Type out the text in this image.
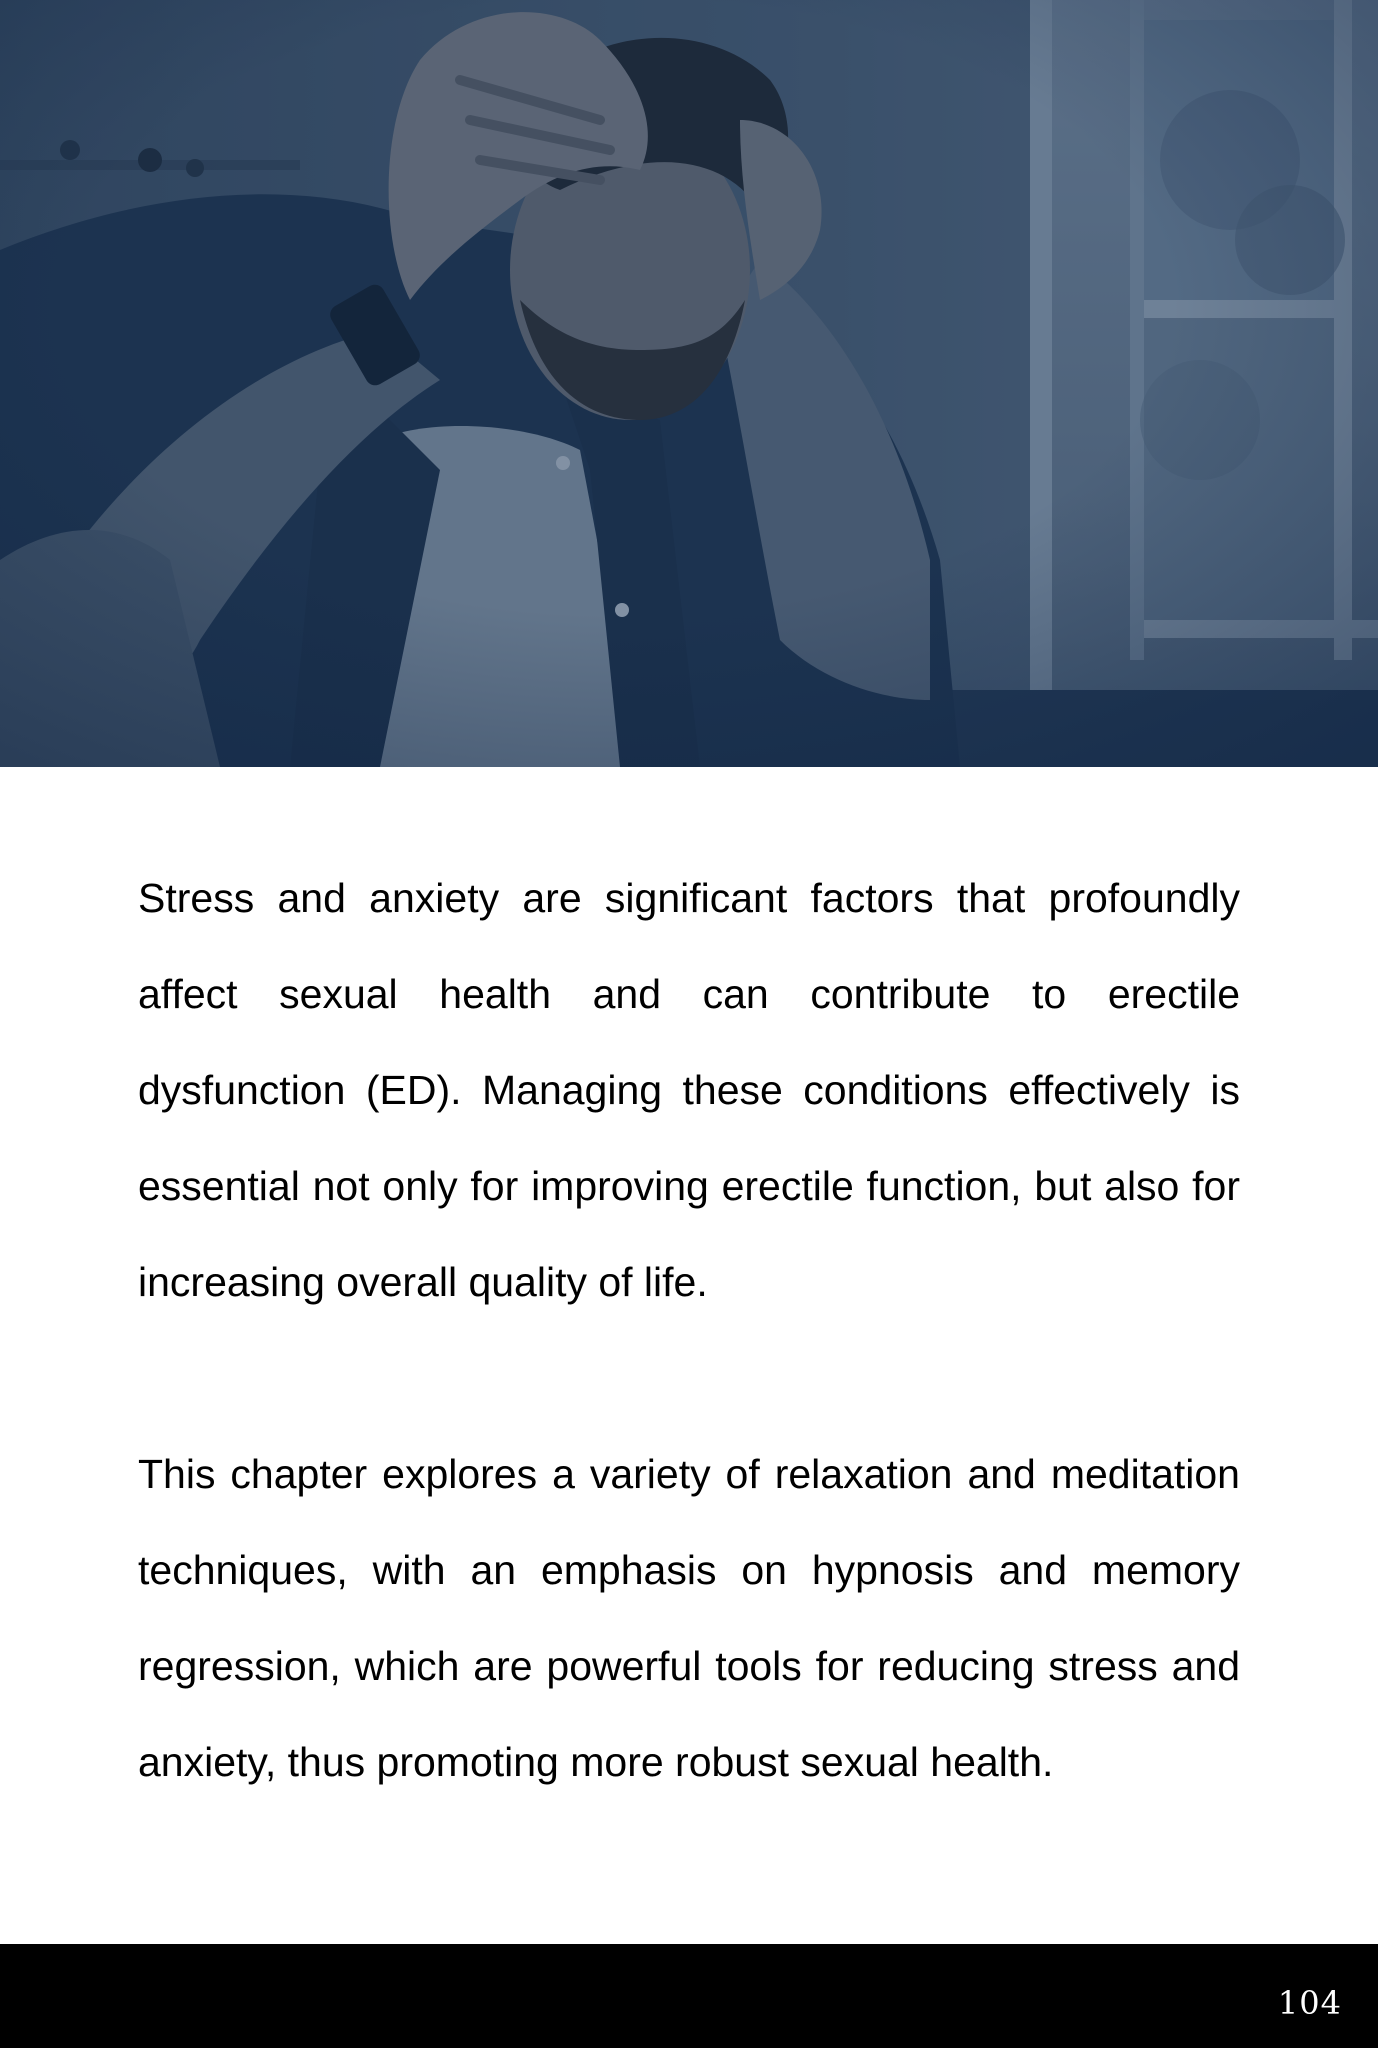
Stress and anxiety are significant factors that profoundly affect sexual health and can contribute to erectile dysfunction (ED). Managing these conditions effectively is essential not only for improving erectile function, but also for increasing overall quality of life.

This chapter explores a variety of relaxation and meditation techniques, with an emphasis on hypnosis and memory regression, which are powerful tools for reducing stress and anxiety, thus promoting more robust sexual health.

104
